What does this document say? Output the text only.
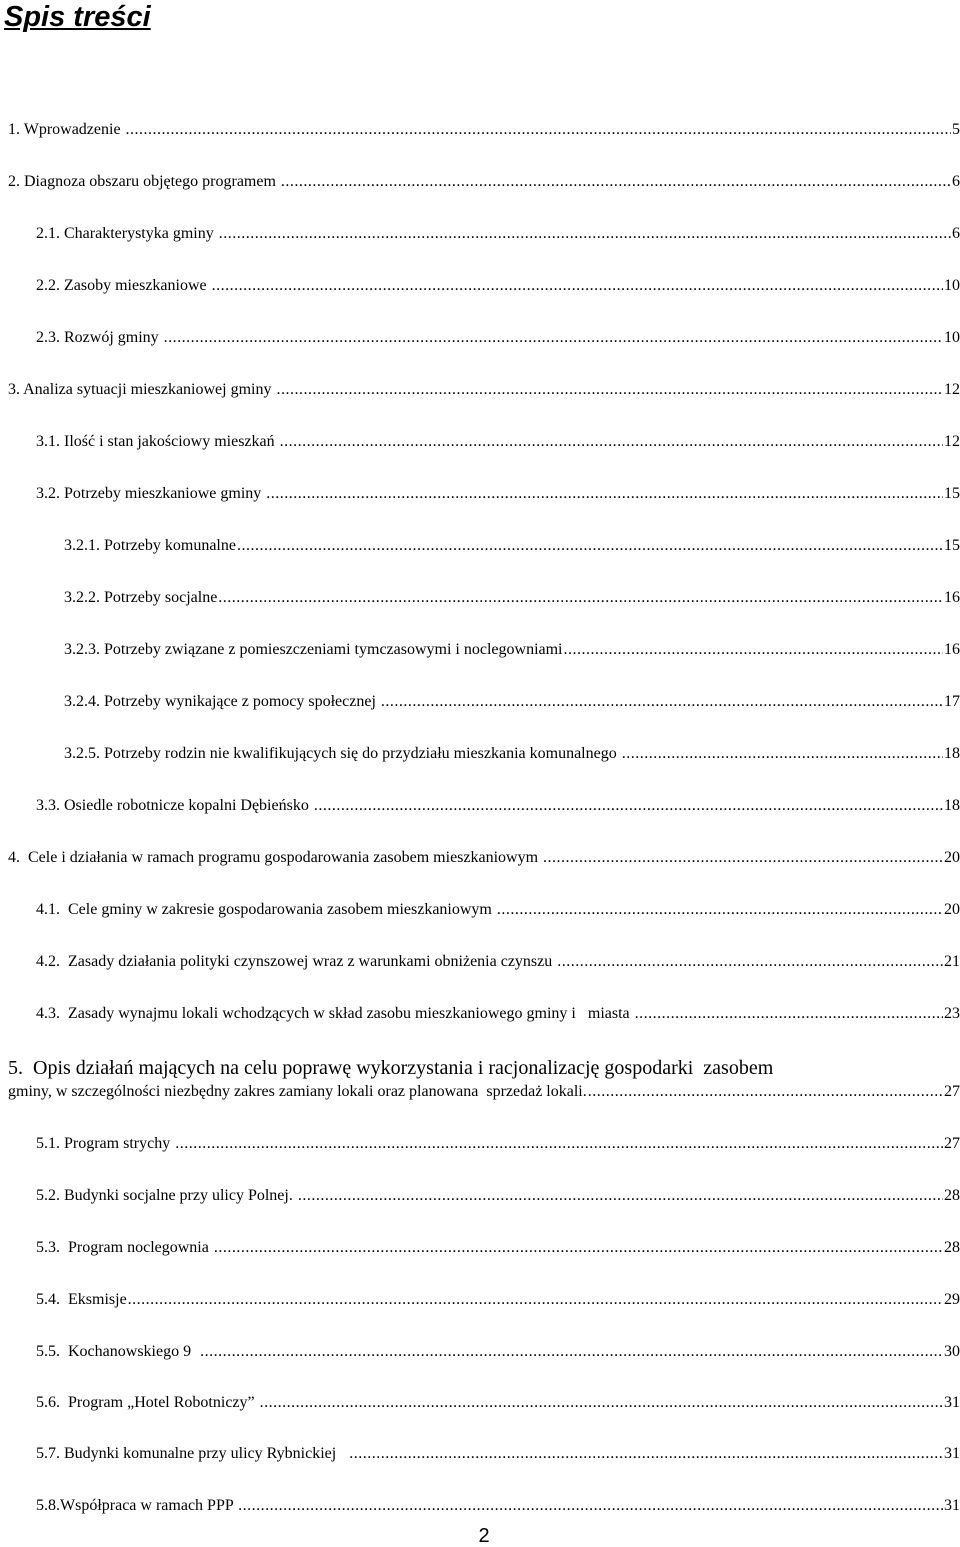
Spis treści
1. Wprowadzenie .....	5
2. Diagnoza obszaru objętego programem .....	6
2.1. Charakterystyka gminy .....	6
2.2. Zasoby mieszkaniowe .....	10
2.3. Rozwój gminy .....	10
3. Analiza sytuacji mieszkaniowej gminy .....	12
3.1. Ilość i stan jakościowy mieszkań .....	12
3.2. Potrzeby mieszkaniowe gminy .....	15
3.2.1. Potrzeby komunalne .....	15
3.2.2. Potrzeby socjalne .....	16
3.2.3. Potrzeby związane z pomieszczeniami tymczasowymi i noclegowniami .....	16
3.2.4. Potrzeby wynikające z pomocy społecznej .....	17
3.2.5. Potrzeby rodzin nie kwalifikujących się do przydziału mieszkania komunalnego .....	18
3.3. Osiedle robotnicze kopalni Dębieńsko .....	18
4.  Cele i działania w ramach programu gospodarowania zasobem mieszkaniowym .....	20
4.1.  Cele gminy w zakresie gospodarowania zasobem mieszkaniowym .....	20
4.2.  Zasady działania polityki czynszowej wraz z warunkami obniżenia czynszu .....	21
4.3.  Zasady wynajmu lokali wchodzących w skład zasobu mieszkaniowego gminy i   miasta .....	23
5.  Opis działań mających na celu poprawę wykorzystania i racjonalizację gospodarki  zasobem
gminy, w szczególności niezbędny zakres zamiany lokali oraz planowana  sprzedaż lokali. .....	27
5.1. Program strychy .....	27
5.2. Budynki socjalne przy ulicy Polnej. .....	28
5.3.  Program noclegownia .....	28
5.4.  Eksmisje .....	29
5.5.  Kochanowskiego 9 .....	30
5.6.  Program „Hotel Robotniczy” .....	31
5.7. Budynki komunalne przy ulicy Rybnickiej .....	31
5.8.Współpraca w ramach PPP .....	31
2
